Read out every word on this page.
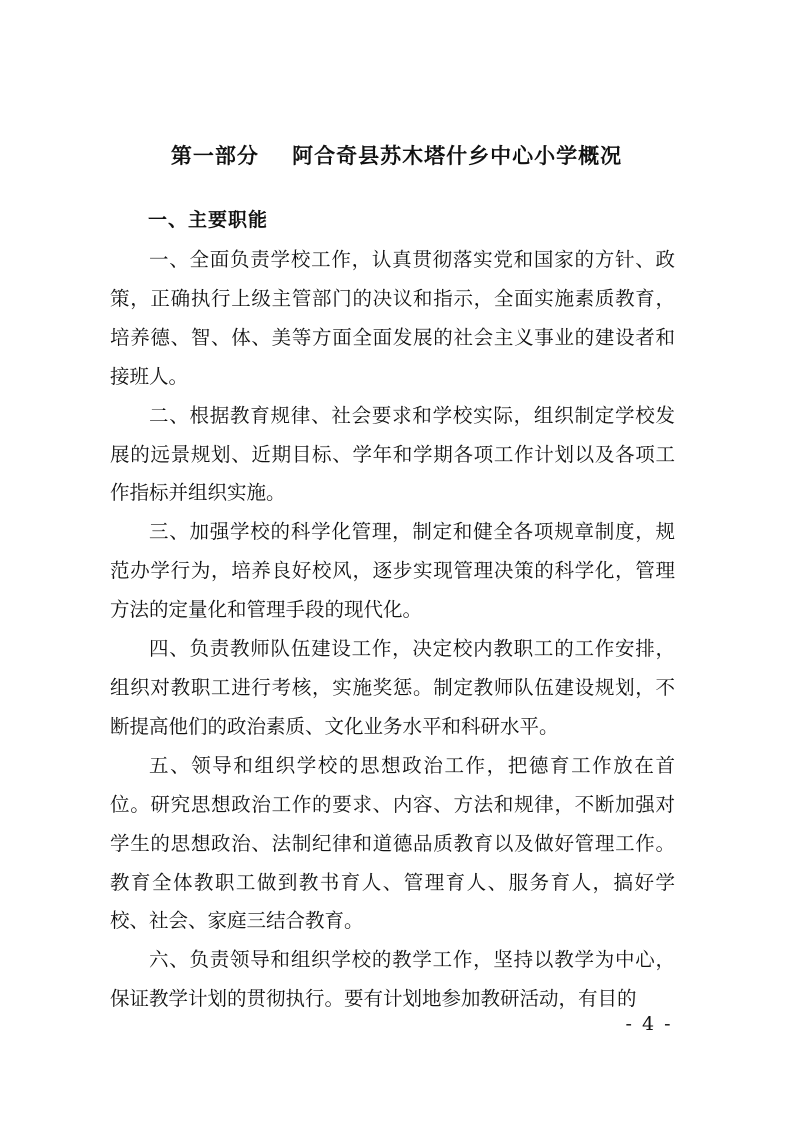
第一部分    阿合奇县苏木塔什乡中心小学概况
一、主要职能

一、全面负责学校工作，认真贯彻落实党和国家的方针、政策，正确执行上级主管部门的决议和指示，全面实施素质教育，培养德、智、体、美等方面全面发展的社会主义事业的建设者和接班人。

二、根据教育规律、社会要求和学校实际，组织制定学校发展的远景规划、近期目标、学年和学期各项工作计划以及各项工作指标并组织实施。

三、加强学校的科学化管理，制定和健全各项规章制度，规范办学行为，培养良好校风，逐步实现管理决策的科学化，管理方法的定量化和管理手段的现代化。

四、负责教师队伍建设工作，决定校内教职工的工作安排，组织对教职工进行考核，实施奖惩。制定教师队伍建设规划，不断提高他们的政治素质、文化业务水平和科研水平。

五、领导和组织学校的思想政治工作，把德育工作放在首位。研究思想政治工作的要求、内容、方法和规律，不断加强对学生的思想政治、法制纪律和道德品质教育以及做好管理工作。教育全体教职工做到教书育人、管理育人、服务育人，搞好学校、社会、家庭三结合教育。

六、负责领导和组织学校的教学工作，坚持以教学为中心，保证教学计划的贯彻执行。要有计划地参加教研活动，有目的

- 4 -
